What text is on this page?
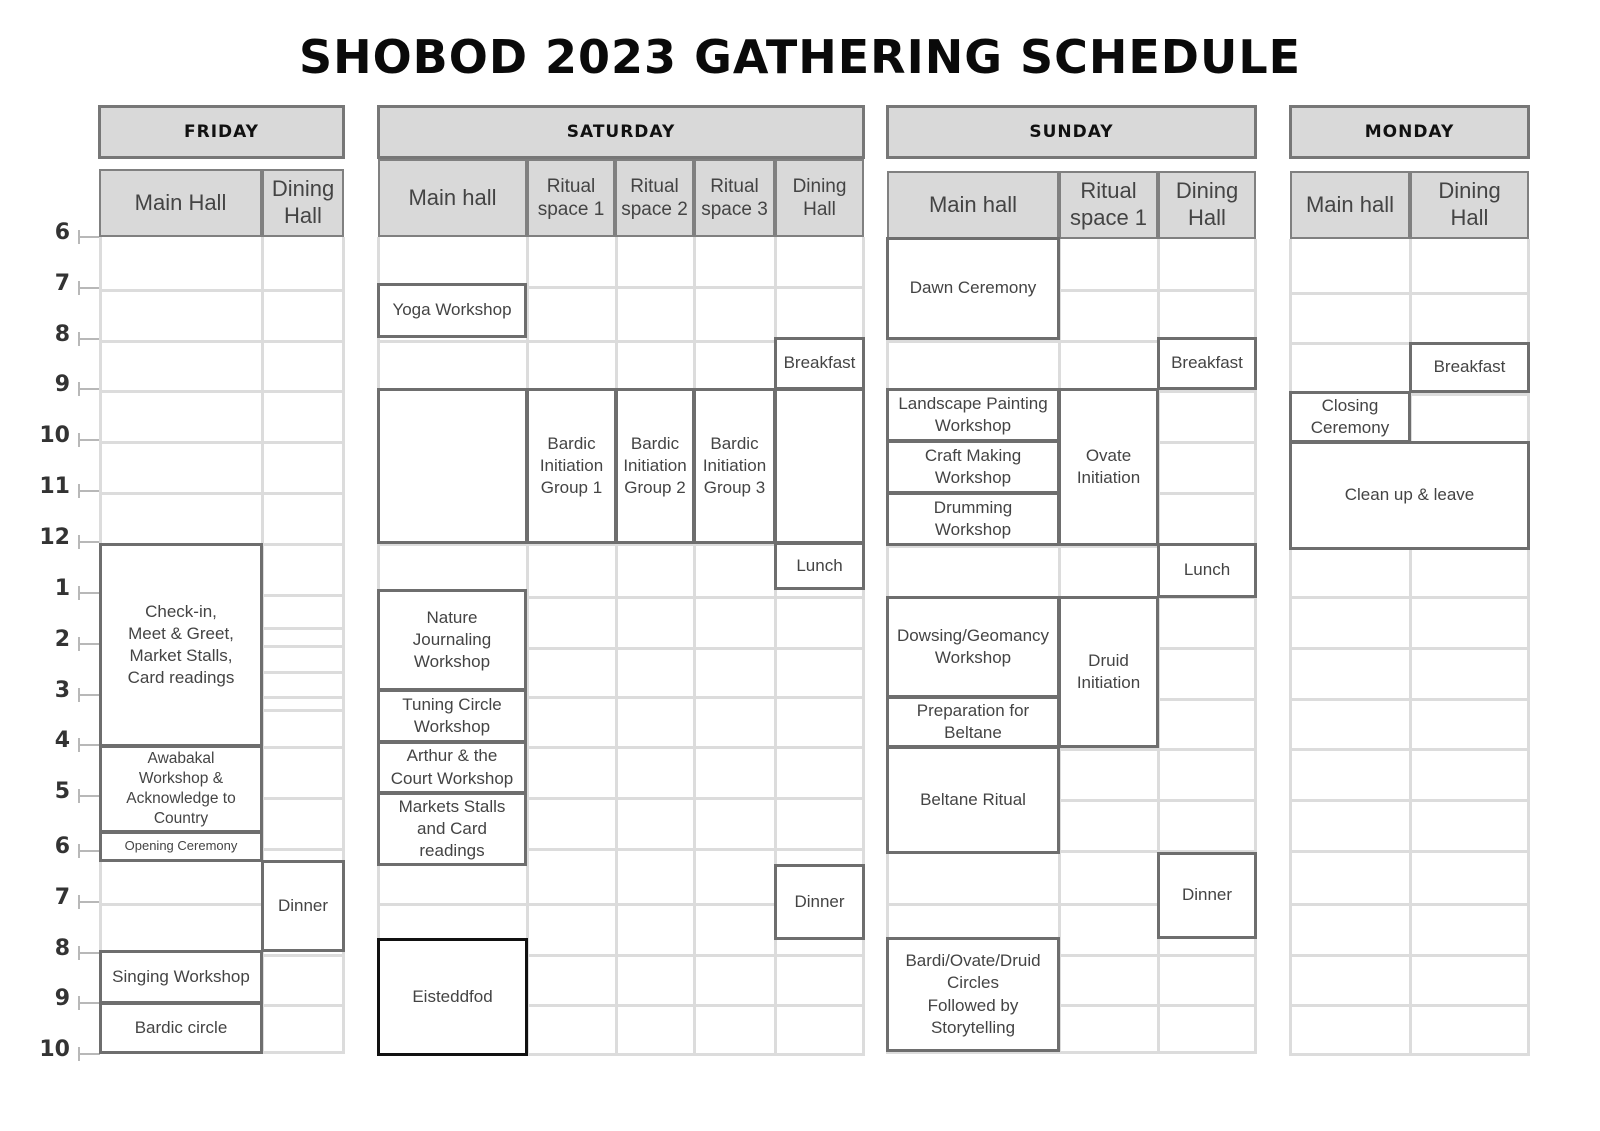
SHOBOD 2023 GATHERING SCHEDULE
6
7
8
9
10
11
12
1
2
3
4
5
6
7
8
9
10
FRIDAY
Main Hall
Dining
Hall
Check-in,
Meet & Greet,
Market Stalls,
Card readings
Awabakal
Workshop &
Acknowledge to
Country
Opening Ceremony
Dinner
Singing Workshop
Bardic circle
SATURDAY
Main hall	Ritual
space 1
Ritual
space 2
Ritual
space 3
Dining
Hall
Yoga Workshop
Breakfast
Bardic
Initiation
Group 1
Bardic
Initiation
Group 2
Bardic
Initiation
Group 3
Lunch
Nature
Journaling
Workshop
Tuning Circle
Workshop
Arthur & the
Court Workshop
Markets Stalls
and Card
readings
Dinner
Eisteddfod
SUNDAY
Main hall
Ritual
space 1
Dining
Hall
Dawn Ceremony
Breakfast
Landscape Painting
Workshop
Craft Making
Workshop
Drumming
Workshop
Ovate
Initiation
Lunch
Dowsing/Geomancy
Workshop	Druid
Initiation
Preparation for
Beltane
Beltane Ritual
Dinner
Bardi/Ovate/Druid
Circles
Followed by
Storytelling
MONDAY
Main hall
Dining
Hall
Breakfast
Closing
Ceremony
Clean up & leave
